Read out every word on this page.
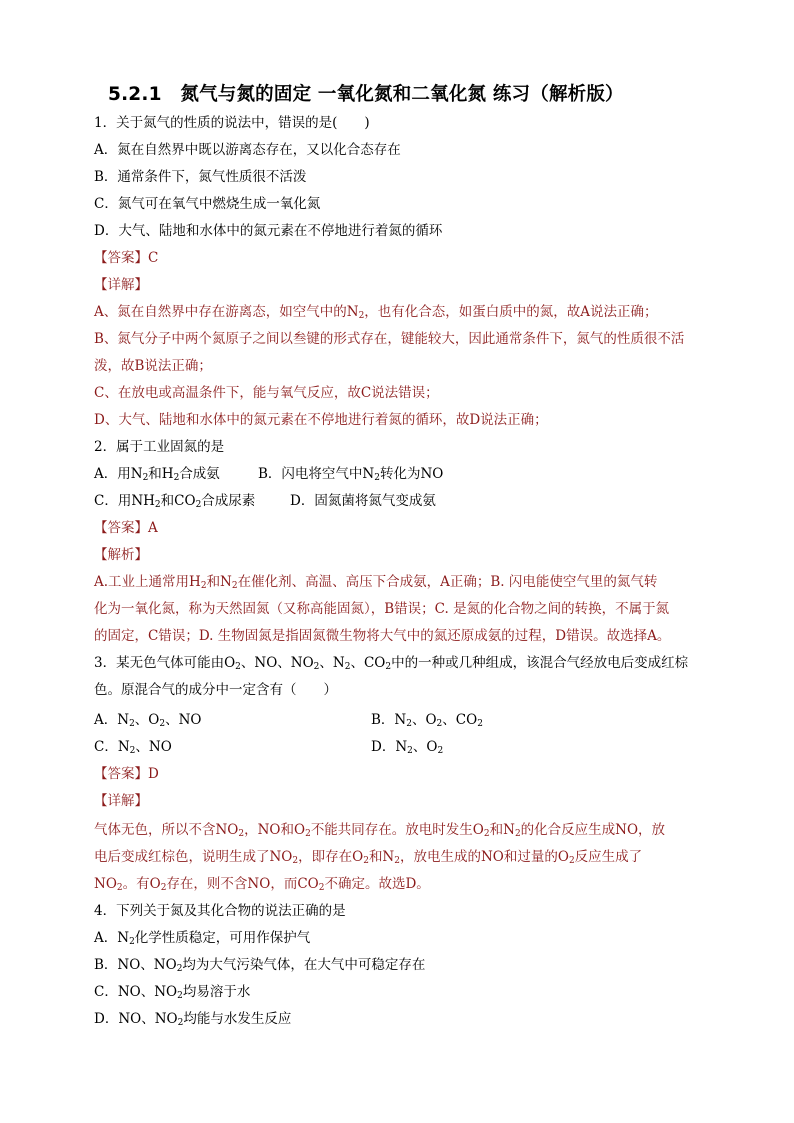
5.2.1　氮气与氮的固定 一氧化氮和二氧化氮 练习（解析版）
1．关于氮气的性质的说法中，错误的是(　　)
A．氮在自然界中既以游离态存在，又以化合态存在
B．通常条件下，氮气性质很不活泼
C．氮气可在氧气中燃烧生成一氧化氮
D．大气、陆地和水体中的氮元素在不停地进行着氮的循环
【答案】C
【详解】
A、氮在自然界中存在游离态，如空气中的$N_2$，也有化合态，如蛋白质中的氮，故A说法正确；
B、氮气分子中两个氮原子之间以叁键的形式存在，键能较大，因此通常条件下，氮气的性质很不活
泼，故B说法正确；
C、在放电或高温条件下，能与氧气反应，故C说法错误；
D、大气、陆地和水体中的氮元素在不停地进行着氮的循环，故D说法正确；
2．属于工业固氮的是
A．用$N_2$和$H_2$合成氨	B．闪电将空气中$N_2$转化为NO
C．用$NH_2$和$CO_2$合成尿素	D．固氮菌将氮气变成氨
【答案】A
【解析】
A.工业上通常用$H_2$和$N_2$在催化剂、高温、高压下合成氨，A正确；B. 闪电能使空气里的氮气转
化为一氧化氮，称为天然固氮（又称高能固氮），B错误；C. 是氮的化合物之间的转换，不属于氮
的固定，C错误；D. 生物固氮是指固氮微生物将大气中的氮还原成氨的过程，D错误。故选择A。
3．某无色气体可能由$O_2$、NO、$NO_2$、$N_2$、$CO_2$中的一种或几种组成，该混合气经放电后变成红棕
色。原混合气的成分中一定含有（　　）
A．$N_2$、$O_2$、NO	B．$N_2$、$O_2$、$CO_2$
C．$N_2$、NO	D．$N_2$、$O_2$
【答案】D
【详解】
气体无色，所以不含$NO_2$，NO和$O_2$不能共同存在。放电时发生$O_2$和$N_2$的化合反应生成NO，放
电后变成红棕色，说明生成了$NO_2$，即存在$O_2$和$N_2$，放电生成的NO和过量的$O_2$反应生成了
$NO_2$。有$O_2$存在，则不含NO，而$CO_2$不确定。故选D。
4．下列关于氮及其化合物的说法正确的是
A．$N_2$化学性质稳定，可用作保护气
B．NO、$NO_2$均为大气污染气体，在大气中可稳定存在
C．NO、$NO_2$均易溶于水
D．NO、$NO_2$均能与水发生反应
